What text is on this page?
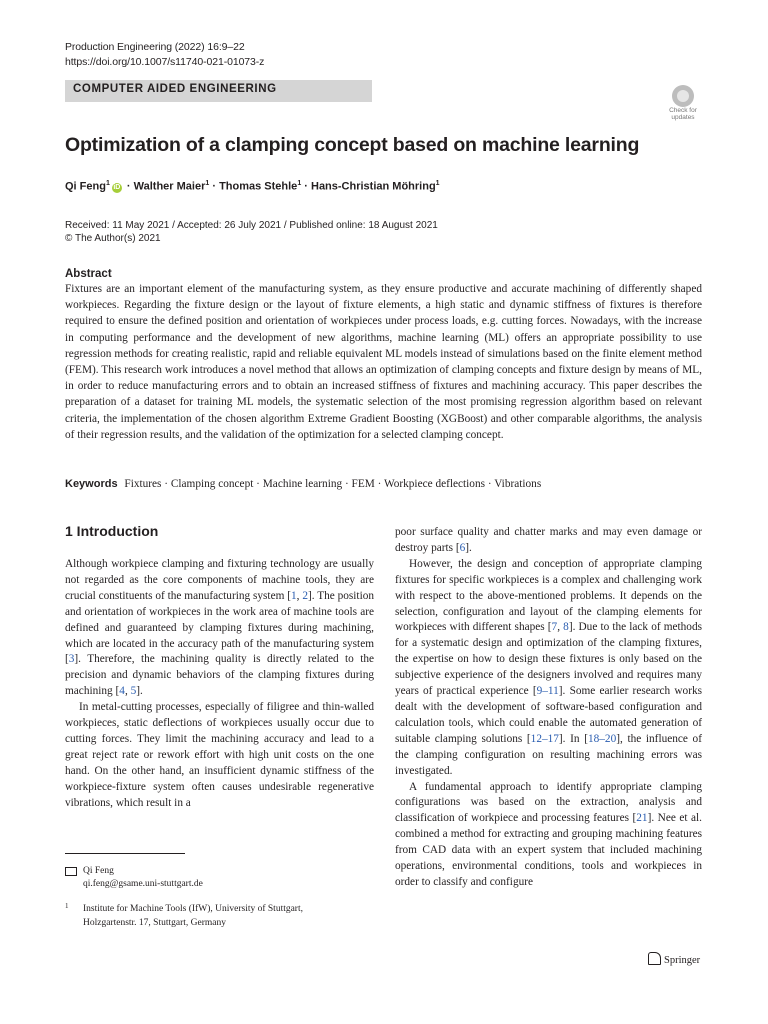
Production Engineering (2022) 16:9–22
https://doi.org/10.1007/s11740-021-01073-z
COMPUTER AIDED ENGINEERING
Check for
updates
Optimization of a clamping concept based on machine learning
Qi Feng$^1$iD · Walther Maier$^1$ · Thomas Stehle$^1$ · Hans-Christian Möhring$^1$
Received: 11 May 2021 / Accepted: 26 July 2021 / Published online: 18 August 2021
© The Author(s) 2021
Abstract
Fixtures are an important element of the manufacturing system, as they ensure productive and accurate machining of differently shaped workpieces. Regarding the fixture design or the layout of fixture elements, a high static and dynamic stiffness of fixtures is therefore required to ensure the defined position and orientation of workpieces under process loads, e.g. cutting forces. Nowadays, with the increase in computing performance and the development of new algorithms, machine learning (ML) offers an appropriate possibility to use regression methods for creating realistic, rapid and reliable equivalent ML models instead of simulations based on the finite element method (FEM). This research work introduces a novel method that allows an optimization of clamping concepts and fixture design by means of ML, in order to reduce manufacturing errors and to obtain an increased stiffness of fixtures and machining accuracy. This paper describes the preparation of a dataset for training ML models, the systematic selection of the most promising regression algorithm based on relevant criteria, the implementation of the chosen algorithm Extreme Gradient Boosting (XGBoost) and other comparable algorithms, the analysis of their regression results, and the validation of the optimization for a selected clamping concept.
Keywords Fixtures · Clamping concept · Machine learning · FEM · Workpiece deflections · Vibrations
1 Introduction

Although workpiece clamping and fixturing technology are usually not regarded as the core components of machine tools, they are crucial constituents of the manufacturing system [1, 2]. The position and orientation of workpieces in the work area of machine tools are defined and guaranteed by clamping fixtures during machining, which are located in the accuracy path of the manufacturing system [3]. Therefore, the machining quality is directly related to the precision and dynamic behaviors of the clamping fixtures during machining [4, 5].

In metal-cutting processes, especially of filigree and thin-walled workpieces, static deflections of workpieces usually occur due to cutting forces. They limit the machining accuracy and lead to a great reject rate or rework effort with high unit costs on the one hand. On the other hand, an insufficient dynamic stiffness of the workpiece-fixture system often causes undesirable regenerative vibrations, which result in a

poor surface quality and chatter marks and may even damage or destroy parts [6].

However, the design and conception of appropriate clamping fixtures for specific workpieces is a complex and challenging work with respect to the above-mentioned problems. It depends on the selection, configuration and layout of the clamping elements for workpieces with different shapes [7, 8]. Due to the lack of methods for a systematic design and optimization of the clamping fixtures, the expertise on how to design these fixtures is only based on the subjective experience of the designers involved and requires many years of practical experience [9–11]. Some earlier research works dealt with the development of software-based configuration and calculation tools, which could enable the automated generation of suitable clamping solutions [12–17]. In [18–20], the influence of the clamping configuration on resulting machining errors was investigated.

A fundamental approach to identify appropriate clamping configurations was based on the extraction, analysis and classification of workpiece and processing features [21]. Nee et al. combined a method for extracting and grouping machining features from CAD data with an expert system that included machining operations, environmental conditions, tools and workpieces in order to classify and configure

Qi Feng
qi.feng@gsame.uni-stuttgart.de
1 Institute for Machine Tools (IfW), University of Stuttgart,
Holzgartenstr. 17, Stuttgart, Germany
Springer
